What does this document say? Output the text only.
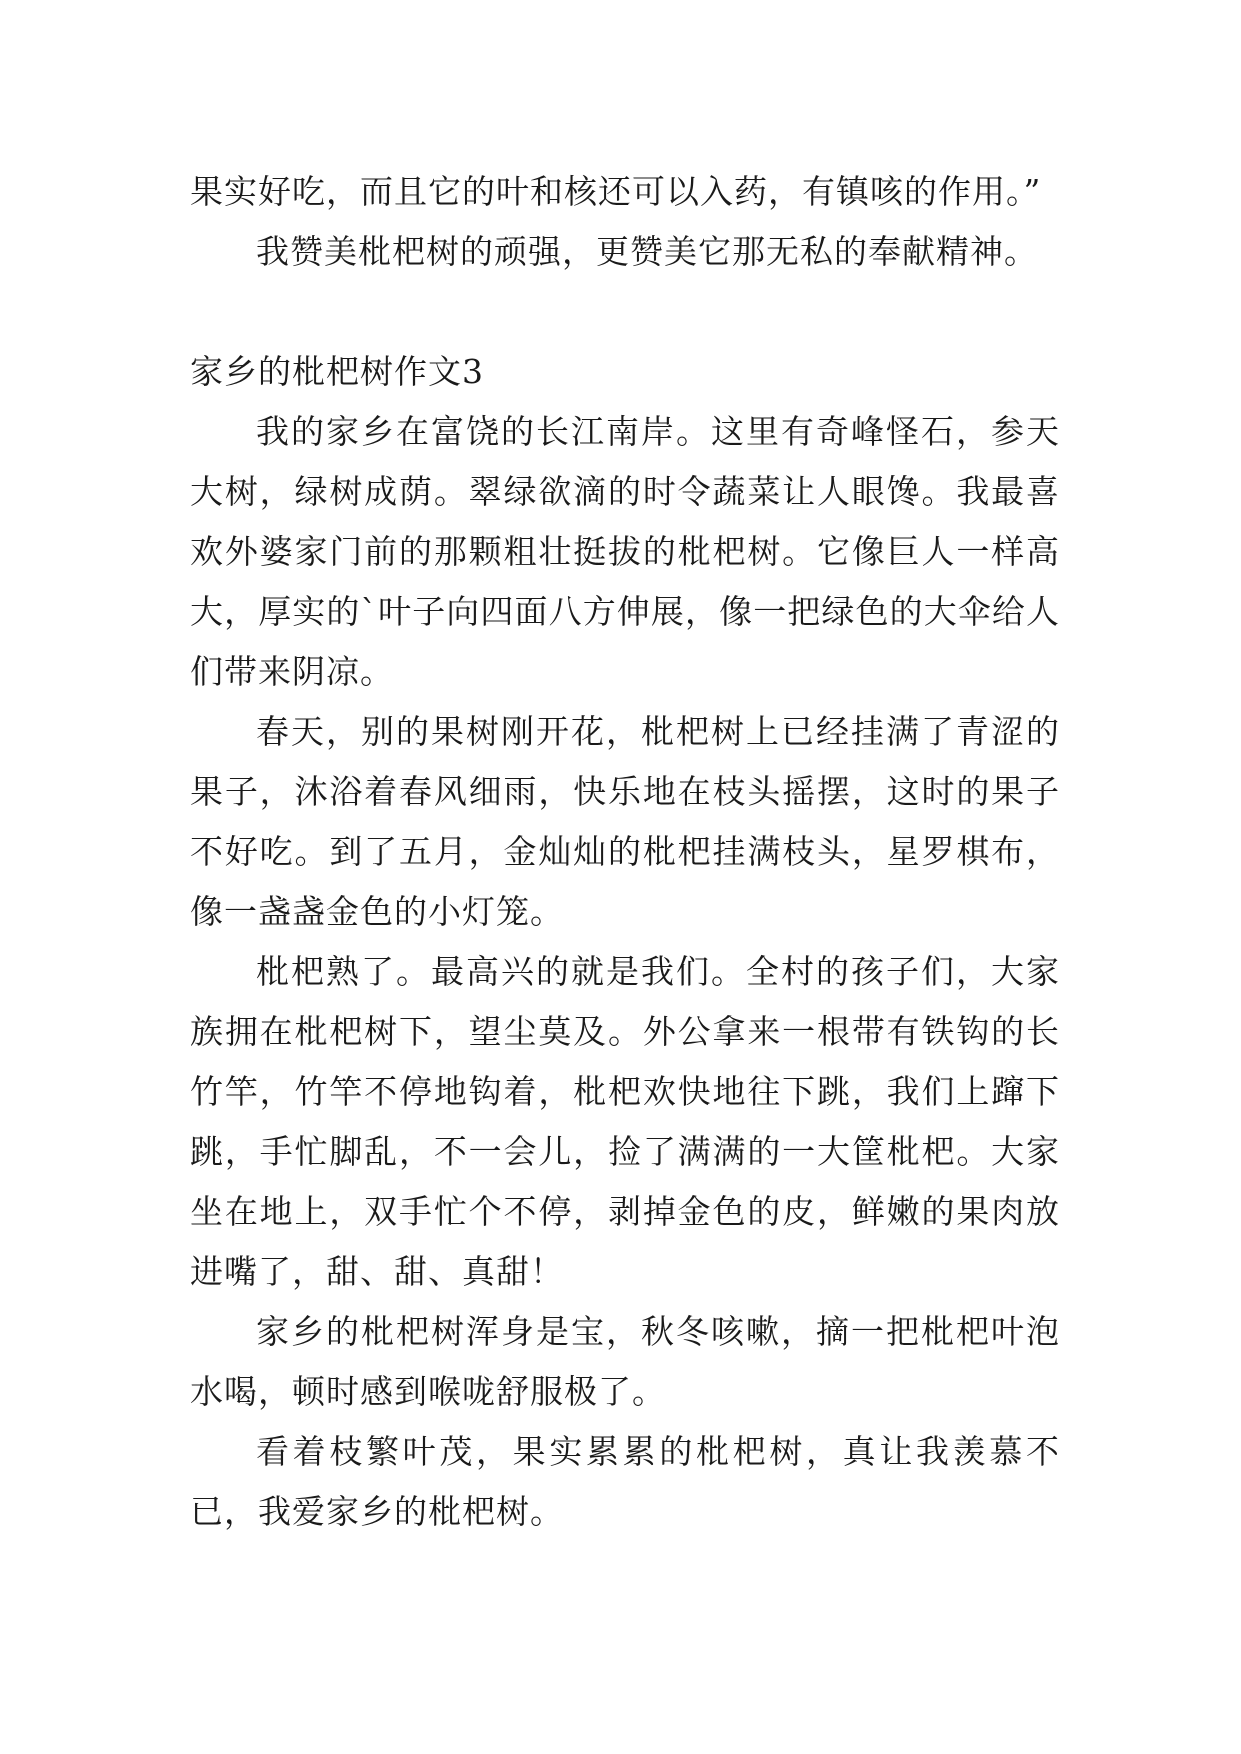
果实好吃，而且它的叶和核还可以入药，有镇咳的作用。”

我赞美枇杷树的顽强，更赞美它那无私的奉献精神。

家乡的枇杷树作文3

我的家乡在富饶的长江南岸。这里有奇峰怪石，参天大树，绿树成荫。翠绿欲滴的时令蔬菜让人眼馋。我最喜欢外婆家门前的那颗粗壮挺拔的枇杷树。它像巨人一样高大，厚实的`叶子向四面八方伸展，像一把绿色的大伞给人们带来阴凉。

春天，别的果树刚开花，枇杷树上已经挂满了青涩的果子，沐浴着春风细雨，快乐地在枝头摇摆，这时的果子不好吃。到了五月，金灿灿的枇杷挂满枝头，星罗棋布，像一盏盏金色的小灯笼。

枇杷熟了。最高兴的就是我们。全村的孩子们，大家族拥在枇杷树下，望尘莫及。外公拿来一根带有铁钩的长竹竿，竹竿不停地钩着，枇杷欢快地往下跳，我们上蹿下跳，手忙脚乱，不一会儿，捡了满满的一大筐枇杷。大家坐在地上，双手忙个不停，剥掉金色的皮，鲜嫩的果肉放进嘴了，甜、甜、真甜！

家乡的枇杷树浑身是宝，秋冬咳嗽，摘一把枇杷叶泡水喝，顿时感到喉咙舒服极了。

看着枝繁叶茂，果实累累的枇杷树，真让我羡慕不已，我爱家乡的枇杷树。
